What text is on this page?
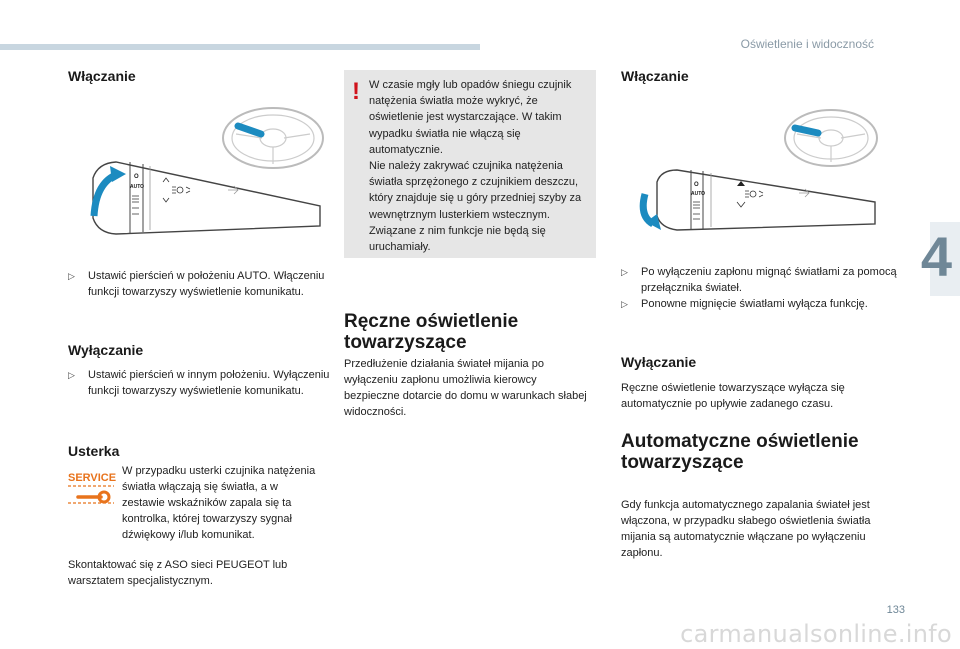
Oświetlenie i widoczność
4
133
carmanualsonline.info
Włączanie
O
AUTO
▷ Ustawić pierścień w położeniu AUTO. Włączeniu funkcji towarzyszy wyświetlenie komunikatu.
Wyłączanie
▷ Ustawić pierścień w innym położeniu. Wyłączeniu funkcji towarzyszy wyświetlenie komunikatu.
Usterka
SERVICE
W przypadku usterki czujnika natężenia światła włączają się światła, a w zestawie wskaźników zapala się ta kontrolka, której towarzyszy sygnał dźwiękowy i/lub komunikat.
Skontaktować się z ASO sieci PEUGEOT lub warsztatem specjalistycznym.
! W czasie mgły lub opadów śniegu czujnik natężenia światła może wykryć, że oświetlenie jest wystarczające. W takim wypadku światła nie włączą się automatycznie.
Nie należy zakrywać czujnika natężenia światła sprzężonego z czujnikiem deszczu, który znajduje się u góry przedniej szyby za wewnętrznym lusterkiem wstecznym. Związane z nim funkcje nie będą się uruchamiały.
Ręczne oświetlenie towarzyszące
Przedłużenie działania świateł mijania po wyłączeniu zapłonu umożliwia kierowcy bezpieczne dotarcie do domu w warunkach słabej widoczności.
Włączanie
O
AUTO
▷ Po wyłączeniu zapłonu mignąć światłami za pomocą przełącznika świateł.
▷ Ponowne mignięcie światłami wyłącza funkcję.
Wyłączanie
Ręczne oświetlenie towarzyszące wyłącza się automatycznie po upływie zadanego czasu.
Automatyczne oświetlenie towarzyszące
Gdy funkcja automatycznego zapalania świateł jest włączona, w przypadku słabego oświetlenia światła mijania są automatycznie włączane po wyłączeniu zapłonu.
